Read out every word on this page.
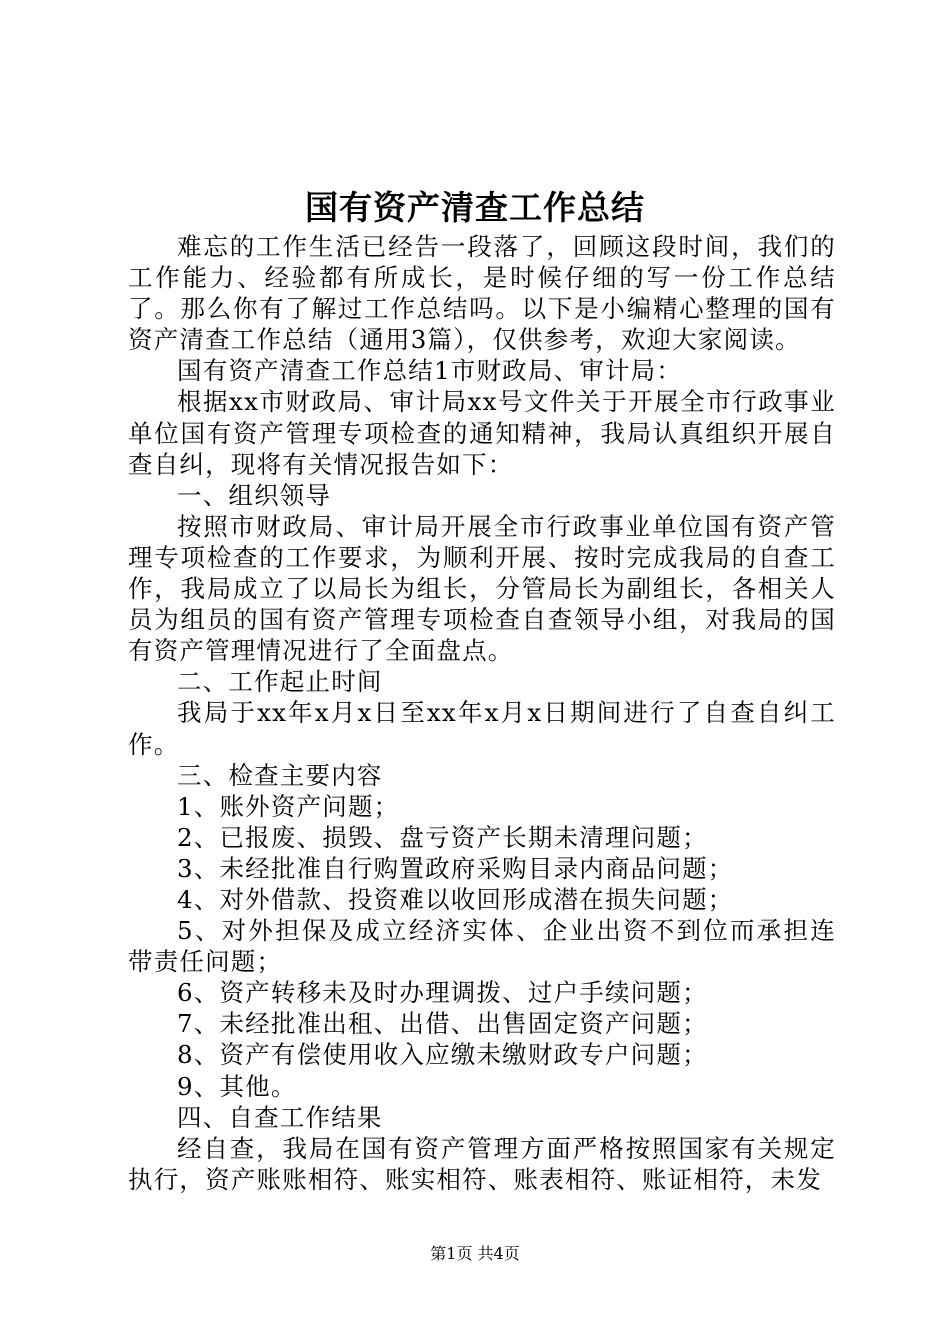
国有资产清查工作总结

难忘的工作生活已经告一段落了，回顾这段时间，我们的工作能力、经验都有所成长，是时候仔细的写一份工作总结了。那么你有了解过工作总结吗。以下是小编精心整理的国有资产清查工作总结（通用3篇），仅供参考，欢迎大家阅读。

国有资产清查工作总结1市财政局、审计局：

根据xx市财政局、审计局xx号文件关于开展全市行政事业单位国有资产管理专项检查的通知精神，我局认真组织开展自查自纠，现将有关情况报告如下：

一、组织领导

按照市财政局、审计局开展全市行政事业单位国有资产管理专项检查的工作要求，为顺利开展、按时完成我局的自查工作，我局成立了以局长为组长，分管局长为副组长，各相关人员为组员的国有资产管理专项检查自查领导小组，对我局的国有资产管理情况进行了全面盘点。

二、工作起止时间

我局于xx年x月x日至xx年x月x日期间进行了自查自纠工作。

三、检查主要内容

1、账外资产问题；

2、已报废、损毁、盘亏资产长期未清理问题；

3、未经批准自行购置政府采购目录内商品问题；

4、对外借款、投资难以收回形成潜在损失问题；

5、对外担保及成立经济实体、企业出资不到位而承担连带责任问题；

6、资产转移未及时办理调拨、过户手续问题；

7、未经批准出租、出借、出售固定资产问题；

8、资产有偿使用收入应缴未缴财政专户问题；

9、其他。

四、自查工作结果

经自查，我局在国有资产管理方面严格按照国家有关规定执行，资产账账相符、账实相符、账表相符、账证相符，未发

第1页 共4页
